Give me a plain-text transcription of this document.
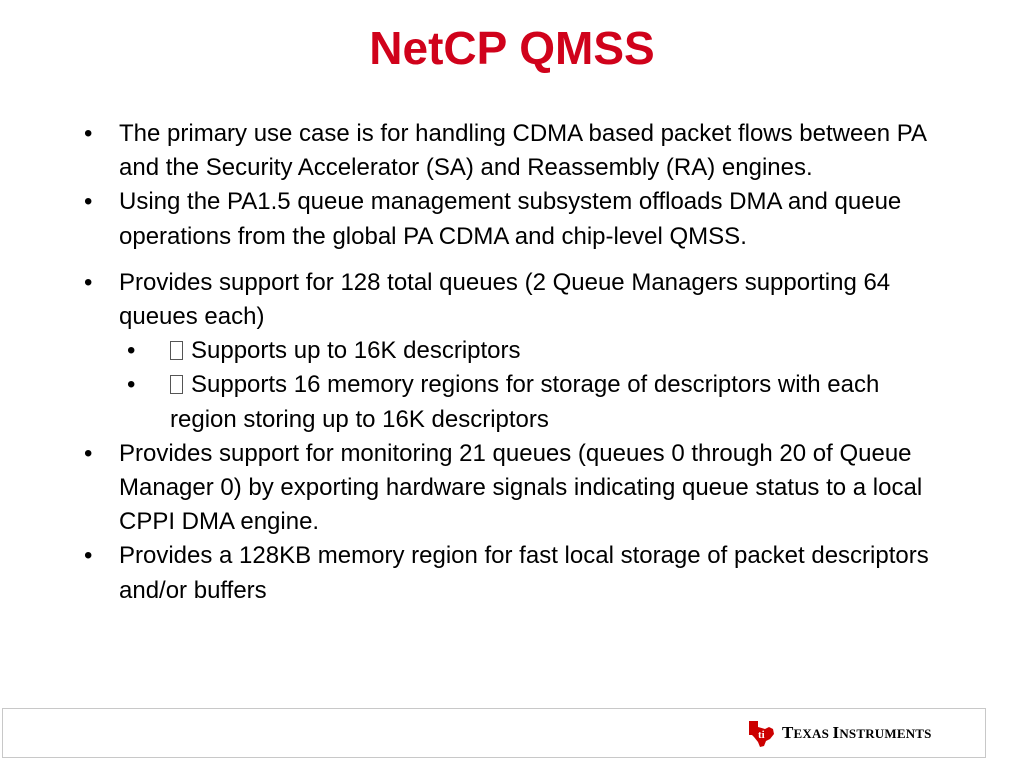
NetCP QMSS
• The primary use case is for handling CDMA based packet flows between PA and the Security Accelerator (SA) and Reassembly (RA) engines.
• Using the PA1.5 queue management subsystem offloads DMA and queue operations from the global PA CDMA and chip-level QMSS.
• Provides support for 128 total queues (2 Queue Managers supporting 64 queues each)
• Supports up to 16K descriptors
• Supports 16 memory regions for storage of descriptors with each region storing up to 16K descriptors
• Provides support for monitoring 21 queues (queues 0 through 20 of Queue Manager 0) by exporting hardware signals indicating queue status to a local CPPI DMA engine.
• Provides a 128KB memory region for fast local storage of packet descriptors and/or buffers
ti TEXAS INSTRUMENTS
